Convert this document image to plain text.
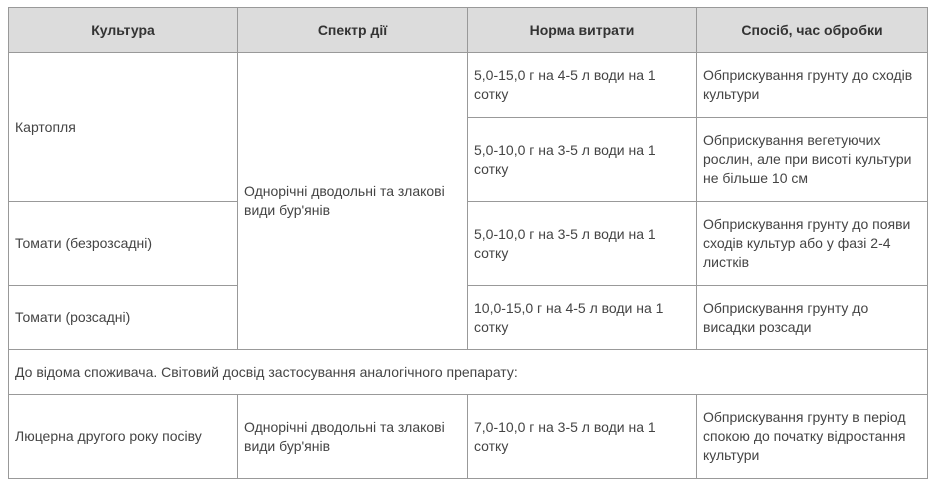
Культура	Спектр дії	Норма витрати	Спосіб, час обробки
Картопля	Однорічні дводольні та злакові види бур'янів	5,0-15,0 г на 4-5 л води на 1 сотку	Обприскування грунту до сходів культури
		5,0-10,0 г на 3-5 л води на 1 сотку	Обприскування вегетуючих рослин, але при висоті культури не більше 10 см
Томати (безрозсадні)		5,0-10,0 г на 3-5 л води на 1 сотку	Обприскування грунту до появи сходів культур або у фазі 2-4 листків
Томати (розсадні)		10,0-15,0 г на 4-5 л води на 1 сотку	Обприскування грунту до висадки розсади
До відома споживача. Світовий досвід застосування аналогічного препарату:			
Люцерна другого року посіву	Однорічні дводольні та злакові види бур'янів	7,0-10,0 г на 3-5 л води на 1 сотку	Обприскування грунту в період спокою до початку відростання культури
